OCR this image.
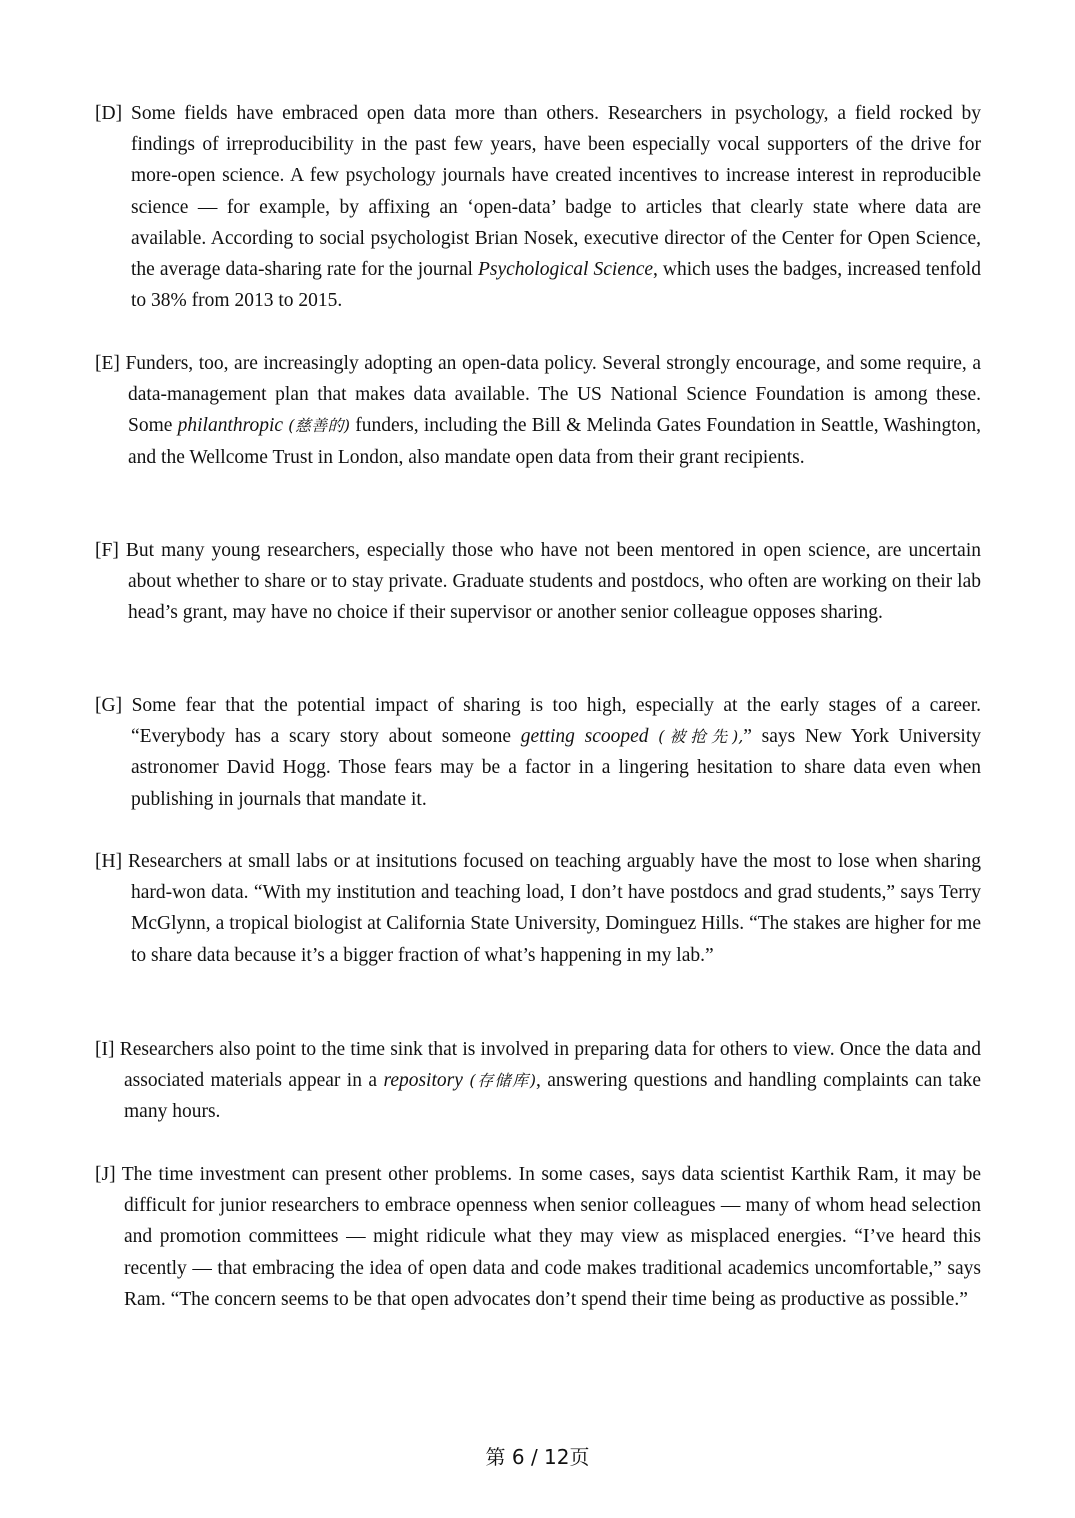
[D] Some fields have embraced open data more than others. Researchers in psychology, a field rocked by findings of irreproducibility in the past few years, have been especially vocal supporters of the drive for more-open science. A few psychology journals have created incentives to increase interest in reproducible science — for example, by affixing an ‘open-data’ badge to articles that clearly state where data are available. According to social psychologist Brian Nosek, executive director of the Center for Open Science, the average data-sharing rate for the journal Psychological Science, which uses the badges, increased tenfold to 38% from 2013 to 2015.

[E] Funders, too, are increasingly adopting an open-data policy. Several strongly encourage, and some require, a data-management plan that makes data available. The US National Science Foundation is among these. Some philanthropic (慈善的) funders, including the Bill & Melinda Gates Foundation in Seattle, Washington, and the Wellcome Trust in London, also mandate open data from their grant recipients.

[F] But many young researchers, especially those who have not been mentored in open science, are uncertain about whether to share or to stay private. Graduate students and postdocs, who often are working on their lab head’s grant, may have no choice if their supervisor or another senior colleague opposes sharing.

[G] Some fear that the potential impact of sharing is too high, especially at the early stages of a career. “Everybody has a scary story about someone getting scooped (被抢先),” says New York University astronomer David Hogg. Those fears may be a factor in a lingering hesitation to share data even when publishing in journals that mandate it.

[H] Researchers at small labs or at insitutions focused on teaching arguably have the most to lose when sharing hard-won data. “With my institution and teaching load, I don’t have postdocs and grad students,” says Terry McGlynn, a tropical biologist at California State University, Dominguez Hills. “The stakes are higher for me to share data because it’s a bigger fraction of what’s happening in my lab.”

[I] Researchers also point to the time sink that is involved in preparing data for others to view. Once the data and associated materials appear in a repository (存储库), answering questions and handling complaints can take many hours.

[J] The time investment can present other problems. In some cases, says data scientist Karthik Ram, it may be difficult for junior researchers to embrace openness when senior colleagues — many of whom head selection and promotion committees — might ridicule what they may view as misplaced energies. “I’ve heard this recently — that embracing the idea of open data and code makes traditional academics uncomfortable,” says Ram. “The concern seems to be that open advocates don’t spend their time being as productive as possible.”

第 6 / 12页
